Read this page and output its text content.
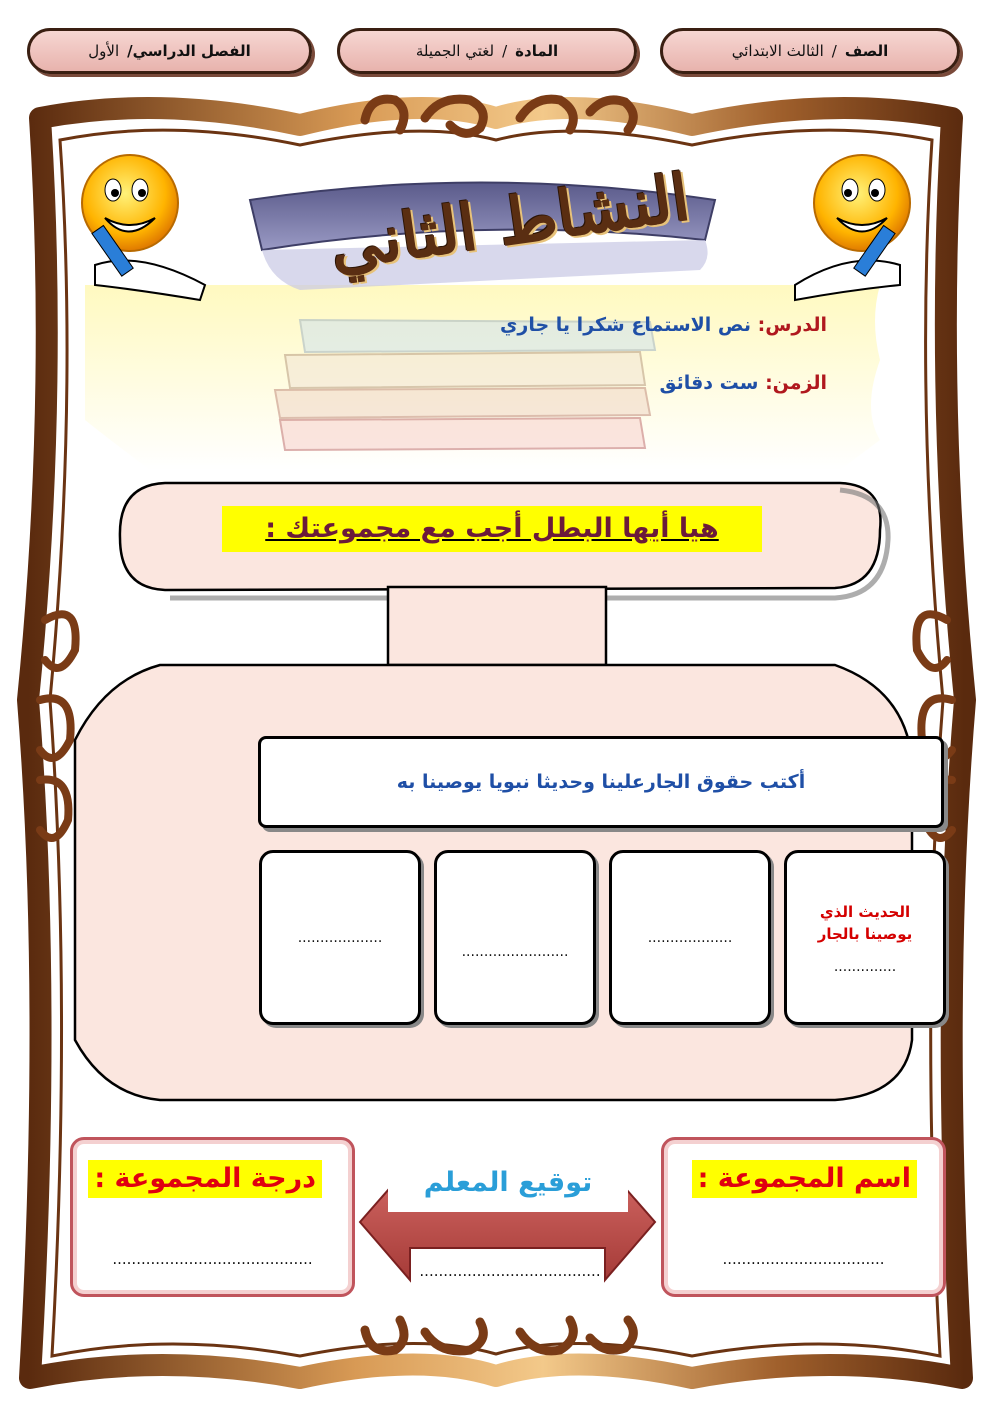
الصف
/
الثالث الابتدائي
المادة
/
لغتي الجميلة
الفصل الدراسي/
الأول
النشاط الثاني
الدرس: نص الاستماع شكرا يا جاري
الزمن: ست دقائق
هيا أيها البطل أجب مع مجموعتك :
أكتب حقوق الجارعلينا وحديثا نبويا يوصينا به
الحديث الذي
يوصينا بالجار
..............
...................
........................
...................
اسم المجموعة :
..................................
درجة المجموعة :
..........................................
توقيع المعلم
......................................
